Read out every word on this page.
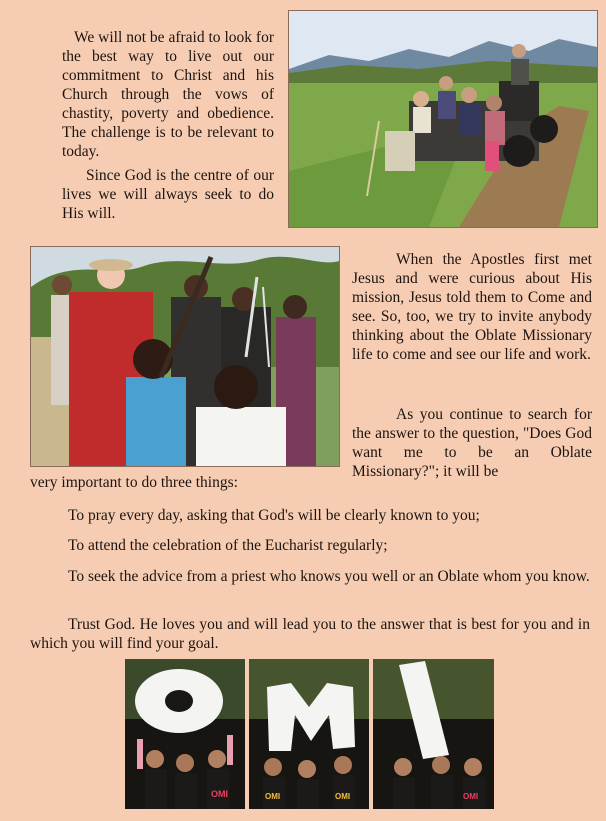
We will not be afraid to look for the best way to live out our commitment to Christ and his Church through the vows of chastity, poverty and obedience. The challenge is to be relevant to today.

Since God is the centre of our lives we will always seek to do His will.

When the Apostles first met Jesus and were curious about His mission, Jesus told them to Come and see. So, too, we try to invite anybody thinking about the Oblate Missionary life to come and see our life and work.

As you continue to search for the answer to the question, "Does God want me to be an Oblate Missionary?"; it will be

very important to do three things:

To pray every day, asking that God's will be clearly known to you;

To attend the celebration of the Eucharist regularly;

To seek the advice from a priest who knows you well or an Oblate whom you know.

Trust God. He loves you and will lead you to the answer that is best for you and in which you will find your goal.

OMI	OMI	OMI	OMI
